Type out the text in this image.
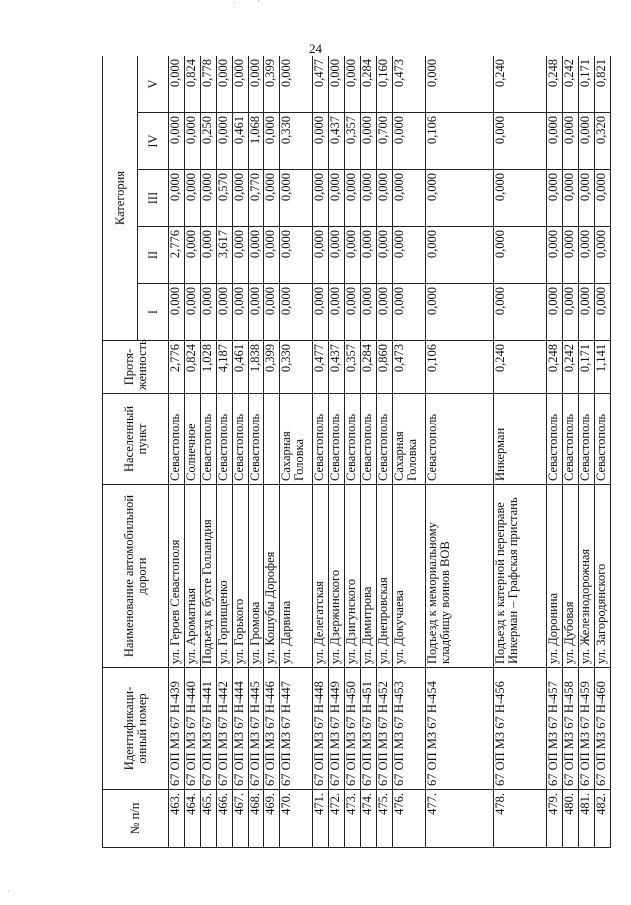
· ·
·
24
№ п/п	Идентификаци-онный номер	Наименование автомобильной дороги	Населенный пункт	Протя-женность	Категория				
					I	II	III	IV	V
463.	67 ОП МЗ 67 Н-439	ул. Героев Севастополя	Севастополь	2,776	0,000	2,776	0,000	0,000	0,000
464.	67 ОП МЗ 67 Н-440	ул. Ароматная	Солнечное	0,824	0,000	0,000	0,000	0,000	0,824
465.	67 ОП МЗ 67 Н-441	Подъезд к бухте Голландия	Севастополь	1,028	0,000	0,000	0,000	0,250	0,778
466.	67 ОП МЗ 67 Н-442	ул. Горпищенко	Севастополь	4,187	0,000	3,617	0,570	0,000	0,000
467.	67 ОП МЗ 67 Н-444	ул. Горького	Севастополь	0,461	0,000	0,000	0,000	0,461	0,000
468.	67 ОП МЗ 67 Н-445	ул. Громова	Севастополь	1,838	0,000	0,000	0,770	1,068	0,000
469.	67 ОП МЗ 67 Н-446	ул. Кошубы Дорофея		0,399	0,000	0,000	0,000	0,000	0,399
470.	67 ОП МЗ 67 Н-447	ул. Дарвина	Сахарная Головка	0,330	0,000	0,000	0,000	0,330	0,000
471.	67 ОП МЗ 67 Н-448	ул. Делегатская	Севастополь	0,477	0,000	0,000	0,000	0,000	0,477
472.	67 ОП МЗ 67 Н-449	ул. Дзержинского	Севастополь	0,437	0,000	0,000	0,000	0,437	0,000
473.	67 ОП МЗ 67 Н-450	ул. Дзигунского	Севастополь	0,357	0,000	0,000	0,000	0,357	0,000
474.	67 ОП МЗ 67 Н-451	ул. Димитрова	Севастополь	0,284	0,000	0,000	0,000	0,000	0,284
475.	67 ОП МЗ 67 Н-452	ул. Днепровская	Севастополь	0,860	0,000	0,000	0,000	0,700	0,160
476.	67 ОП МЗ 67 Н-453	ул. Докучаева	Сахарная Головка	0,473	0,000	0,000	0,000	0,000	0,473
477.	67 ОП МЗ 67 Н-454	Подъезд к мемориальному кладбищу воинов ВОВ	Севастополь	0,106	0,000	0,000	0,000	0,106	0,000
478.	67 ОП МЗ 67 Н-456	Подъезд к катерной переправе Инкерман – Графская пристань	Инкерман	0,240	0,000	0,000	0,000	0,000	0,240
479.	67 ОП МЗ 67 Н-457	ул. Доронина	Севастополь	0,248	0,000	0,000	0,000	0,000	0,248
480.	67 ОП МЗ 67 Н-458	ул. Дубовая	Севастополь	0,242	0,000	0,000	0,000	0,000	0,242
481.	67 ОП МЗ 67 Н-459	ул. Железнодорожная	Севастополь	0,171	0,000	0,000	0,000	0,000	0,171
482.	67 ОП МЗ 67 Н-460	ул. Загородянского	Севастополь	1,141	0,000	0,000	0,000	0,320	0,821
